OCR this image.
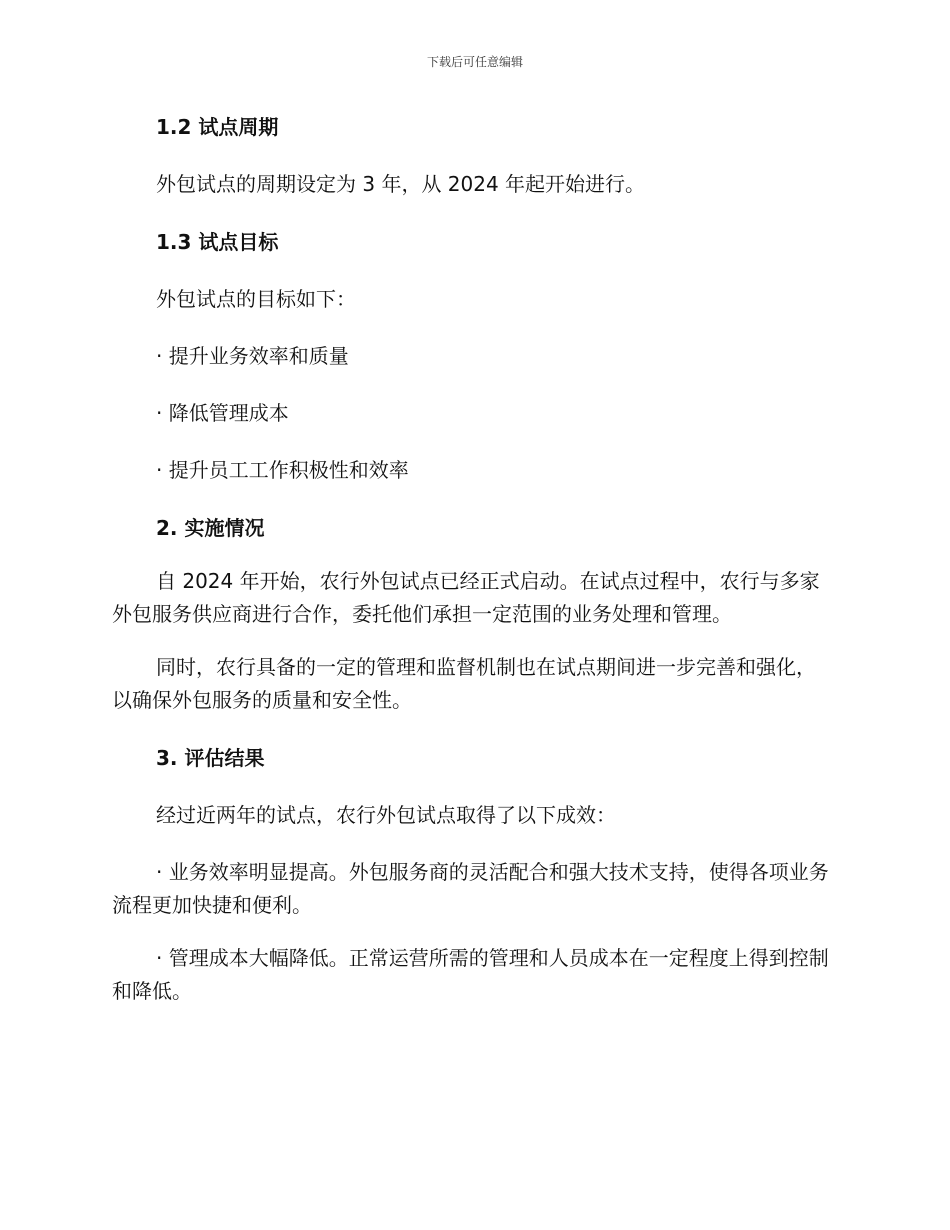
下载后可任意编辑

1.2 试点周期

外包试点的周期设定为 3 年，从 2024 年起开始进行。

1.3 试点目标

外包试点的目标如下：

· 提升业务效率和质量

· 降低管理成本

· 提升员工工作积极性和效率

2. 实施情况

自 2024 年开始，农行外包试点已经正式启动。在试点过程中，农行与多家外包服务供应商进行合作，委托他们承担一定范围的业务处理和管理。

同时，农行具备的一定的管理和监督机制也在试点期间进一步完善和强化，以确保外包服务的质量和安全性。

3. 评估结果

经过近两年的试点，农行外包试点取得了以下成效：

· 业务效率明显提高。外包服务商的灵活配合和强大技术支持，使得各项业务流程更加快捷和便利。

· 管理成本大幅降低。正常运营所需的管理和人员成本在一定程度上得到控制和降低。
